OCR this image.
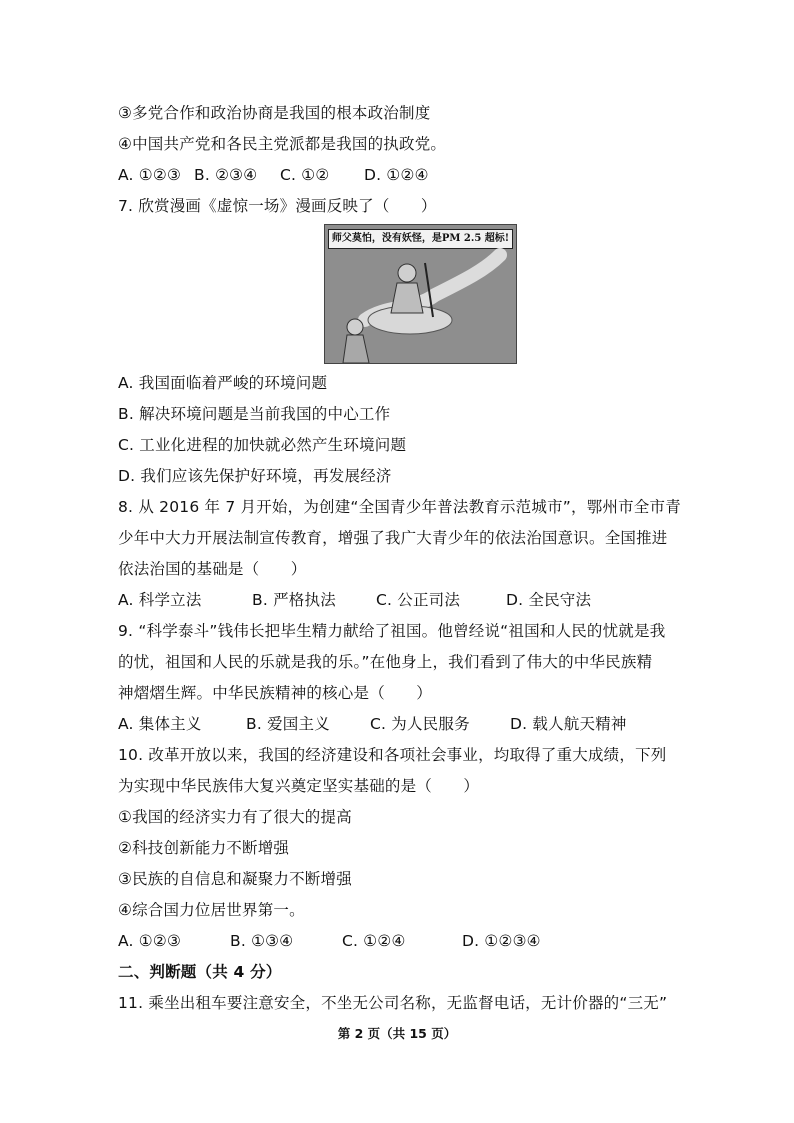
③多党合作和政治协商是我国的根本政治制度
④中国共产党和各民主党派都是我国的执政党。
A. ①②③ B. ②③④	C. ①②	D. ①②④
7. 欣赏漫画《虚惊一场》漫画反映了（　　）
师父莫怕，没有妖怪，是PM 2.5 超标!
A. 我国面临着严峻的环境问题
B. 解决环境问题是当前我国的中心工作
C. 工业化进程的加快就必然产生环境问题
D. 我们应该先保护好环境，再发展经济
8. 从 2016 年 7 月开始，为创建“全国青少年普法教育示范城市”，鄂州市全市青
少年中大力开展法制宣传教育，增强了我广大青少年的依法治国意识。全国推进
依法治国的基础是（　　）
A. 科学立法	B. 严格执法	C. 公正司法	D. 全民守法
9. “科学泰斗”钱伟长把毕生精力献给了祖国。他曾经说“祖国和人民的忧就是我
的忧，祖国和人民的乐就是我的乐。”在他身上，我们看到了伟大的中华民族精
神熠熠生辉。中华民族精神的核心是（　　）
A. 集体主义	B. 爱国主义	C. 为人民服务	D. 载人航天精神
10. 改革开放以来，我国的经济建设和各项社会事业，均取得了重大成绩，下列
为实现中华民族伟大复兴奠定坚实基础的是（　　）
①我国的经济实力有了很大的提高
②科技创新能力不断增强
③民族的自信息和凝聚力不断增强
④综合国力位居世界第一。
A. ①②③	B. ①③④	C. ①②④	D. ①②③④
二、判断题（共 4 分）
11. 乘坐出租车要注意安全，不坐无公司名称，无监督电话，无计价器的“三无”
第 2 页（共 15 页）
